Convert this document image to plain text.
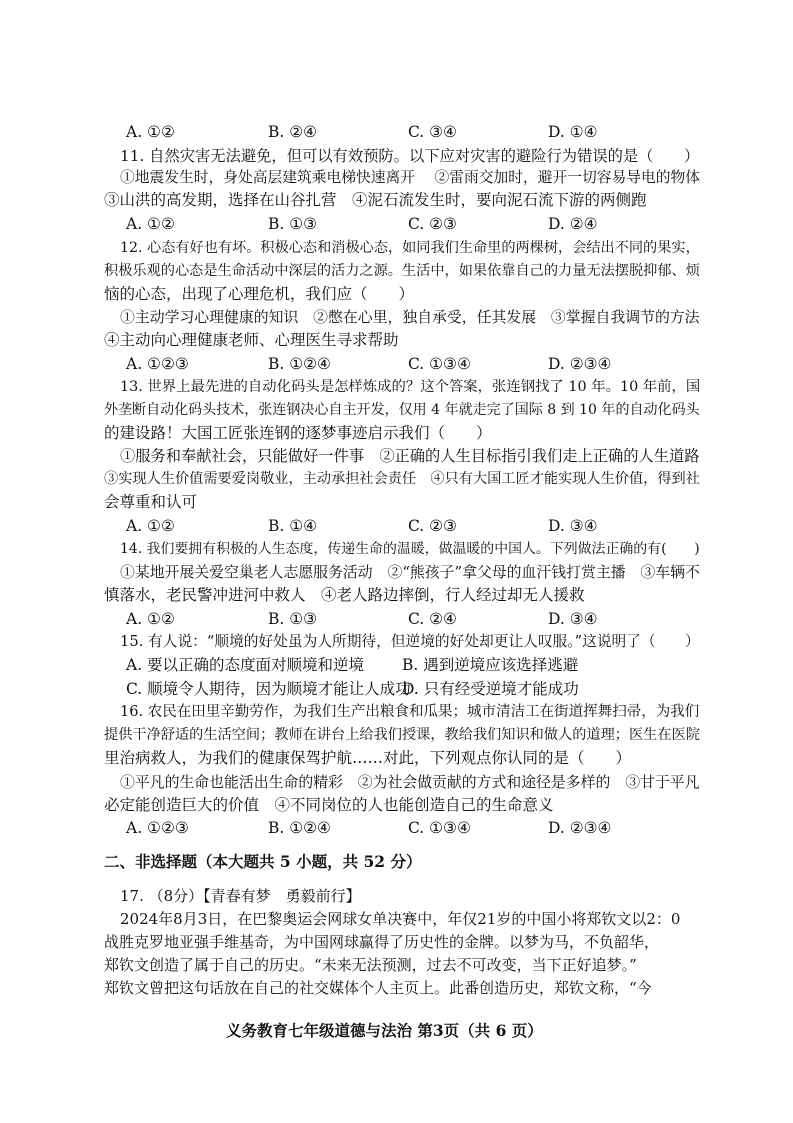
A. ①②	B. ②④	C. ③④	D. ①④
11. 自然灾害无法避免，但可以有效预防。以下应对灾害的避险行为错误的是（　　）
①地震发生时，身处高层建筑乘电梯快速离开　 ②雷雨交加时，避开一切容易导电的物体
③山洪的高发期，选择在山谷扎营　④泥石流发生时，要向泥石流下游的两侧跑
A. ①②	B. ①③	C. ②③	D. ②④
12. 心态有好也有坏。积极心态和消极心态，如同我们生命里的两棵树，会结出不同的果实，
积极乐观的心态是生命活动中深层的活力之源。生活中，如果依靠自己的力量无法摆脱抑郁、烦
恼的心态，出现了心理危机，我们应（　　）
①主动学习心理健康的知识　②憋在心里，独自承受，任其发展　③掌握自我调节的方法
④主动向心理健康老师、心理医生寻求帮助
A. ①②③	B. ①②④	C. ①③④	D. ②③④
13. 世界上最先进的自动化码头是怎样炼成的？这个答案，张连钢找了 10 年。10 年前，国
外垄断自动化码头技术，张连钢决心自主开发，仅用 4 年就走完了国际 8 到 10 年的自动化码头
的建设路！大国工匠张连钢的逐梦事迹启示我们（　　）
①服务和奉献社会，只能做好一件事　②正确的人生目标指引我们走上正确的人生道路
③实现人生价值需要爱岗敬业，主动承担社会责任　④只有大国工匠才能实现人生价值，得到社
会尊重和认可
A. ①②	B. ①④	C. ②③	D. ③④
14. 我们要拥有积极的人生态度，传递生命的温暖，做温暖的中国人。下列做法正确的有(　　)
①某地开展关爱空巢老人志愿服务活动　②“熊孩子”拿父母的血汗钱打赏主播　③车辆不
慎落水，老民警冲进河中救人　④老人路边摔倒，行人经过却无人援救
A. ①②	B. ①③	C. ②④	D. ③④
15. 有人说：“顺境的好处虽为人所期待，但逆境的好处却更让人叹服。”这说明了（　　）
A. 要以正确的态度面对顺境和逆境 B. 遇到逆境应该选择逃避
C. 顺境令人期待，因为顺境才能让人成功
D. 只有经受逆境才能成功
16. 农民在田里辛勤劳作，为我们生产出粮食和瓜果；城市清洁工在街道挥舞扫帚，为我们
提供干净舒适的生活空间；教师在讲台上给我们授课，教给我们知识和做人的道理；医生在医院
里治病救人，为我们的健康保驾护航……对此，下列观点你认同的是（　　）
①平凡的生命也能活出生命的精彩　②为社会做贡献的方式和途径是多样的　③甘于平凡
必定能创造巨大的价值　④不同岗位的人也能创造自己的生命意义
A. ①②③	B. ①②④	C. ①③④	D. ②③④
二、非选择题（本大题共 5 小题，共 52 分）
17. （8分）【青春有梦　勇毅前行】
2024年8月3日，在巴黎奥运会网球女单决赛中，年仅21岁的中国小将郑钦文以2：0
战胜克罗地亚强手维基奇，为中国网球赢得了历史性的金牌。以梦为马，不负韶华，
郑钦文创造了属于自己的历史。“未来无法预测，过去不可改变，当下正好追梦。”
郑钦文曾把这句话放在自己的社交媒体个人主页上。此番创造历史，郑钦文称，“今
义务教育七年级道德与法治 第3页（共 6 页）
